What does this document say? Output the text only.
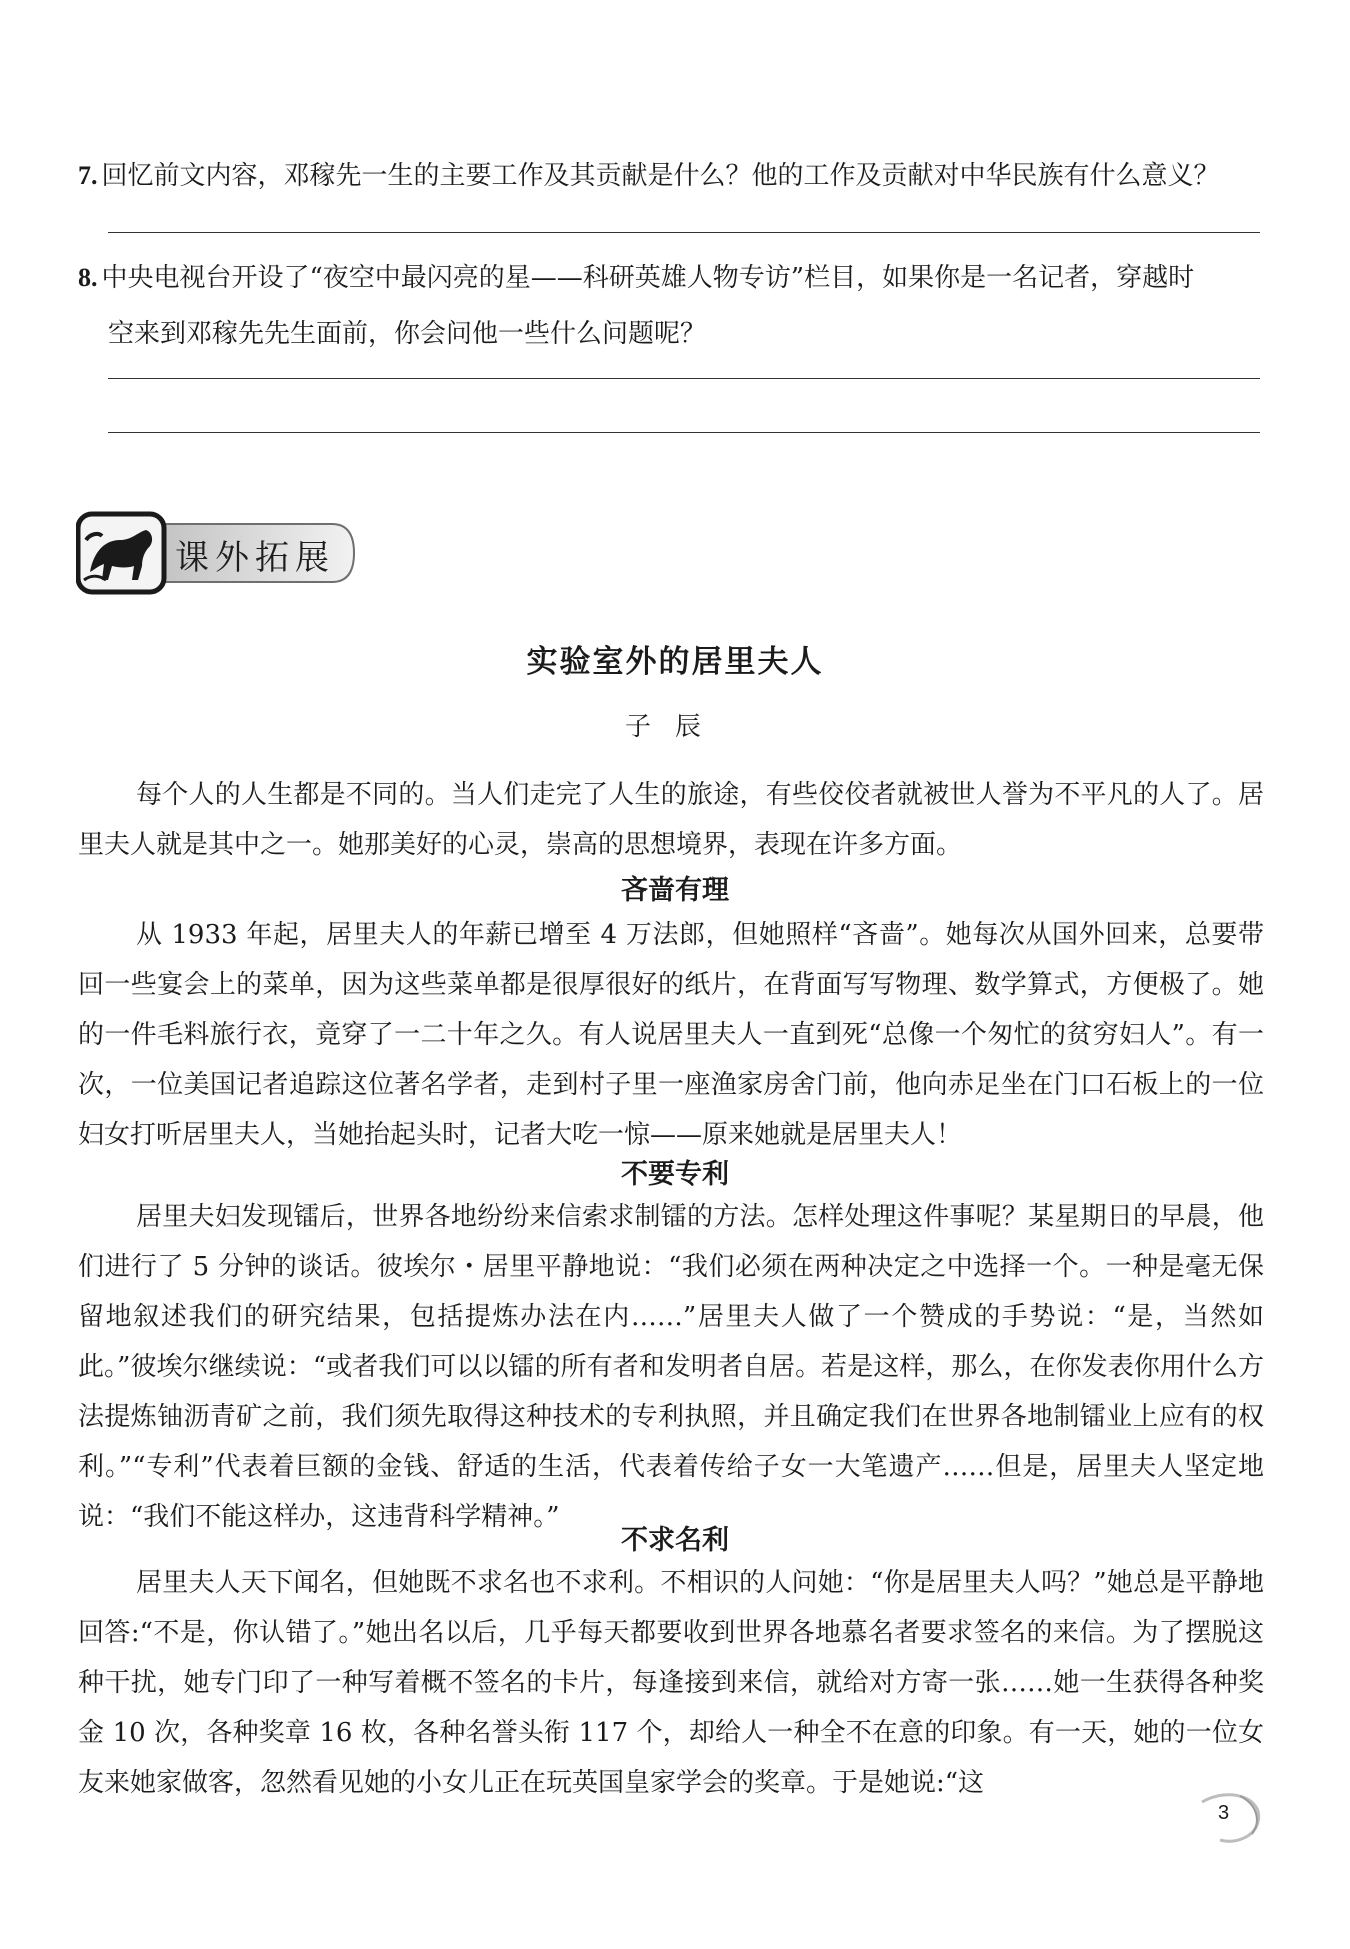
7. 回忆前文内容，邓稼先一生的主要工作及其贡献是什么？他的工作及贡献对中华民族有什么意义？
8. 中央电视台开设了“夜空中最闪亮的星——科研英雄人物专访”栏目，如果你是一名记者，穿越时
空来到邓稼先先生面前，你会问他一些什么问题呢？
课外拓展
实验室外的居里夫人
子辰

每个人的人生都是不同的。当人们走完了人生的旅途，有些佼佼者就被世人誉为不平凡的人了。居里夫人就是其中之一。她那美好的心灵，崇高的思想境界，表现在许多方面。

吝啬有理

从 1933 年起，居里夫人的年薪已增至 4 万法郎，但她照样“吝啬”。她每次从国外回来，总要带回一些宴会上的菜单，因为这些菜单都是很厚很好的纸片，在背面写写物理、数学算式，方便极了。她的一件毛料旅行衣，竟穿了一二十年之久。有人说居里夫人一直到死“总像一个匆忙的贫穷妇人”。有一次，一位美国记者追踪这位著名学者，走到村子里一座渔家房舍门前，他向赤足坐在门口石板上的一位妇女打听居里夫人，当她抬起头时，记者大吃一惊——原来她就是居里夫人！

不要专利

居里夫妇发现镭后，世界各地纷纷来信索求制镭的方法。怎样处理这件事呢？某星期日的早晨，他们进行了 5 分钟的谈话。彼埃尔・居里平静地说：“我们必须在两种决定之中选择一个。一种是毫无保留地叙述我们的研究结果，包括提炼办法在内……”居里夫人做了一个赞成的手势说：“是，当然如此。”彼埃尔继续说：“或者我们可以以镭的所有者和发明者自居。若是这样，那么，在你发表你用什么方法提炼铀沥青矿之前，我们须先取得这种技术的专利执照，并且确定我们在世界各地制镭业上应有的权利。”“专利”代表着巨额的金钱、舒适的生活，代表着传给子女一大笔遗产……但是，居里夫人坚定地说：“我们不能这样办，这违背科学精神。”

不求名利

居里夫人天下闻名，但她既不求名也不求利。不相识的人问她：“你是居里夫人吗？”她总是平静地回答:“不是，你认错了。”她出名以后，几乎每天都要收到世界各地慕名者要求签名的来信。为了摆脱这种干扰，她专门印了一种写着概不签名的卡片，每逢接到来信，就给对方寄一张……她一生获得各种奖金 10 次，各种奖章 16 枚，各种名誉头衔 117 个，却给人一种全不在意的印象。有一天，她的一位女友来她家做客，忽然看见她的小女儿正在玩英国皇家学会的奖章。于是她说:“这

3
